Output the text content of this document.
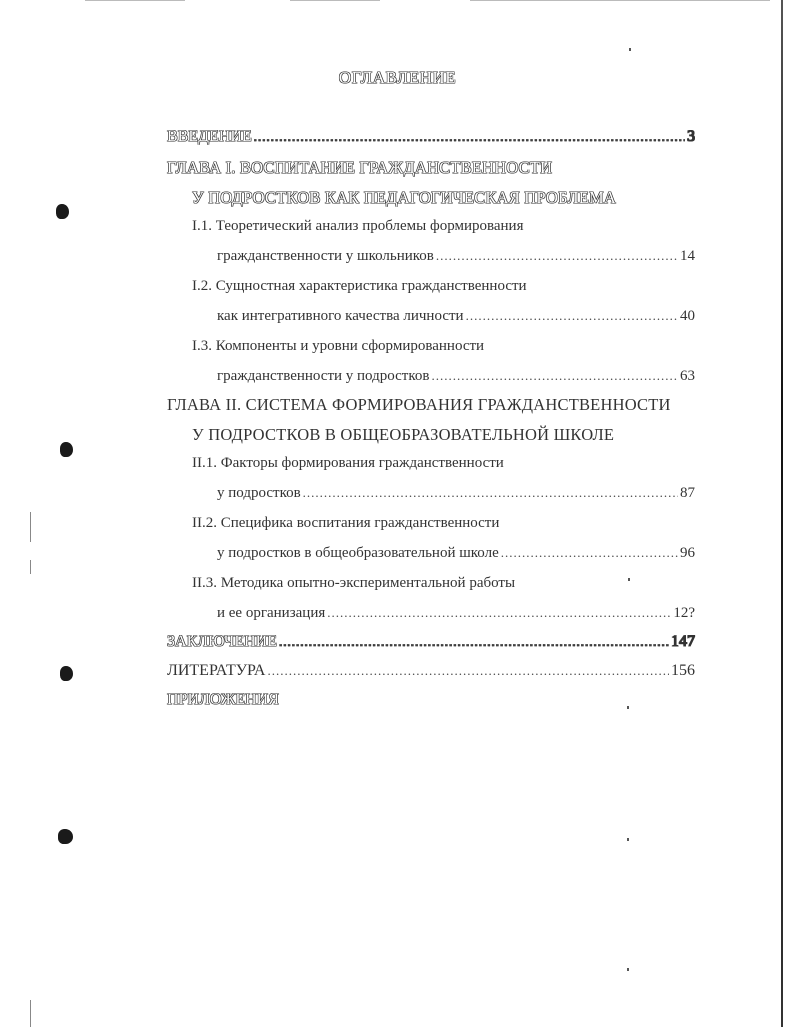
ОГЛАВЛЕНИЕ
ВВЕДЕНИЕ .....	3
ГЛАВА I. ВОСПИТАНИЕ ГРАЖДАНСТВЕННОСТИ
У ПОДРОСТКОВ КАК ПЕДАГОГИЧЕСКАЯ ПРОБЛЕМА
I.1. Теоретический анализ проблемы формирования
гражданственности у школьников .....	14
I.2. Сущностная характеристика гражданственности
как интегративного качества личности .....	40
I.3. Компоненты и уровни сформированности
гражданственности у подростков .....	63
ГЛАВА II. СИСТЕМА ФОРМИРОВАНИЯ ГРАЖДАНСТВЕННОСТИ
У ПОДРОСТКОВ В ОБЩЕОБРАЗОВАТЕЛЬНОЙ ШКОЛЕ
II.1. Факторы формирования гражданственности
у подростков .....	87
II.2. Специфика воспитания гражданственности
у подростков в общеобразовательной школе .....	96
II.3. Методика опытно-экспериментальной работы
и ее организация .....	12?
ЗАКЛЮЧЕНИЕ .....	147
ЛИТЕРАТУРА .....	156
ПРИЛОЖЕНИЯ
